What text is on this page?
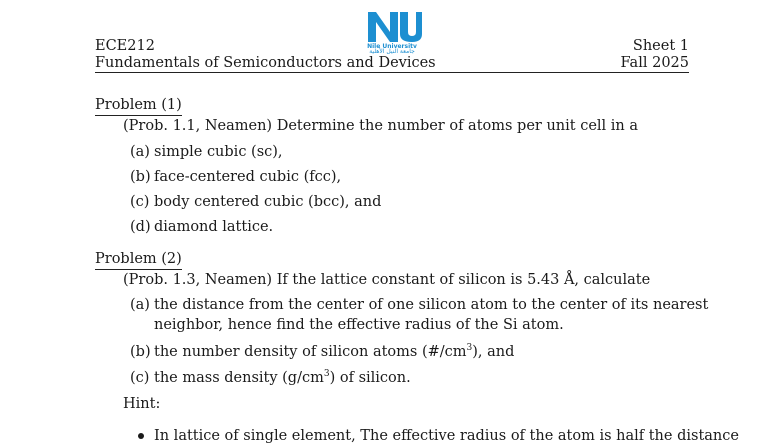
Nile University
جامعة النيل الأهلية
ECE212
Fundamentals of Semiconductors and Devices
Sheet 1
Fall 2025
Problem (1)
(Prob. 1.1, Neamen) Determine the number of atoms per unit cell in a
(a) simple cubic (sc),
(b) face-centered cubic (fcc),
(c) body centered cubic (bcc), and
(d) diamond lattice.
Problem (2)
(Prob. 1.3, Neamen) If the lattice constant of silicon is 5.43 Å, calculate
(a) the distance from the center of one silicon atom to the center of its nearest
neighbor, hence find the effective radius of the Si atom.
(b) the number density of silicon atoms $(\#/cm^3)$, and
(c) the mass density $(g/cm^3)$ of silicon.
Hint:
In lattice of single element, The effective radius of the atom is half the distance
